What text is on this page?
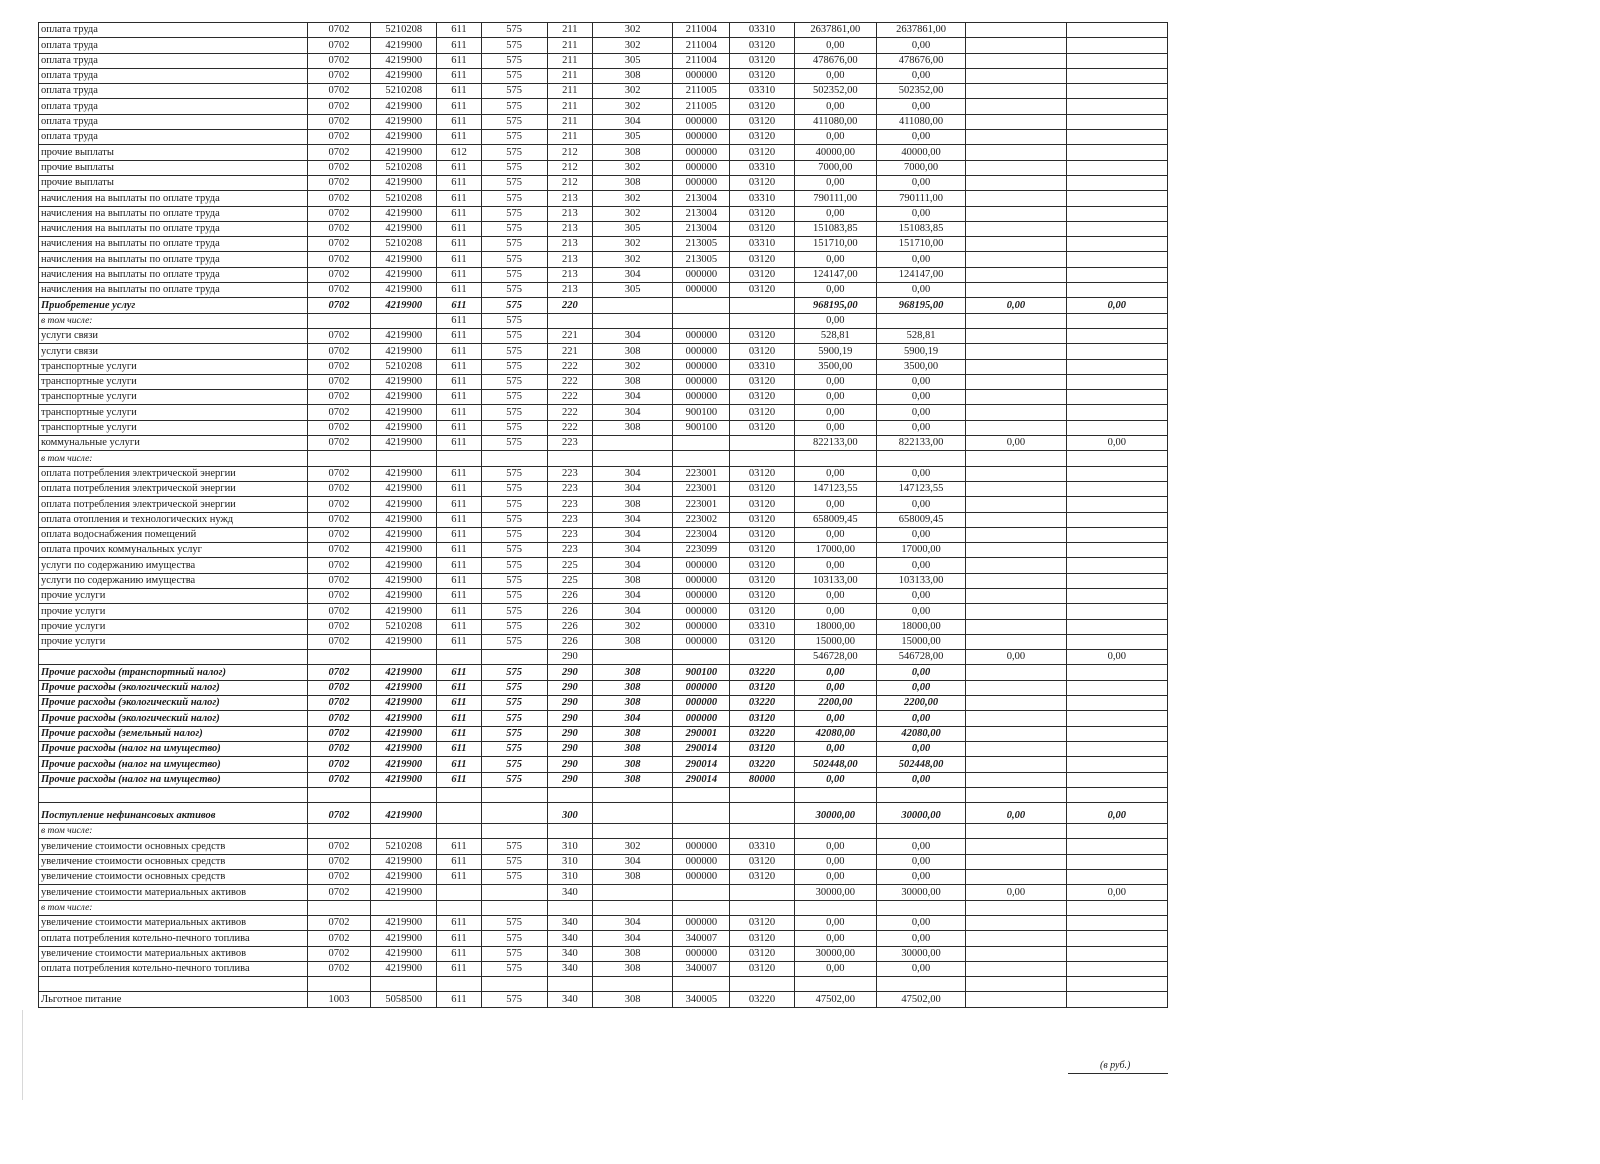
оплата труда	0702	5210208	611	575	211	302	211004	03310	2637861,00	2637861,00		
оплата труда	0702	4219900	611	575	211	302	211004	03120	0,00	0,00		
оплата труда	0702	4219900	611	575	211	305	211004	03120	478676,00	478676,00		
оплата труда	0702	4219900	611	575	211	308	000000	03120	0,00	0,00		
оплата труда	0702	5210208	611	575	211	302	211005	03310	502352,00	502352,00		
оплата труда	0702	4219900	611	575	211	302	211005	03120	0,00	0,00		
оплата труда	0702	4219900	611	575	211	304	000000	03120	411080,00	411080,00		
оплата труда	0702	4219900	611	575	211	305	000000	03120	0,00	0,00		
прочие выплаты	0702	4219900	612	575	212	308	000000	03120	40000,00	40000,00		
прочие выплаты	0702	5210208	611	575	212	302	000000	03310	7000,00	7000,00		
прочие выплаты	0702	4219900	611	575	212	308	000000	03120	0,00	0,00		
начисления на выплаты по оплате труда	0702	5210208	611	575	213	302	213004	03310	790111,00	790111,00		
начисления на выплаты по оплате труда	0702	4219900	611	575	213	302	213004	03120	0,00	0,00		
начисления на выплаты по оплате труда	0702	4219900	611	575	213	305	213004	03120	151083,85	151083,85		
начисления на выплаты по оплате труда	0702	5210208	611	575	213	302	213005	03310	151710,00	151710,00		
начисления на выплаты по оплате труда	0702	4219900	611	575	213	302	213005	03120	0,00	0,00		
начисления на выплаты по оплате труда	0702	4219900	611	575	213	304	000000	03120	124147,00	124147,00		
начисления на выплаты по оплате труда	0702	4219900	611	575	213	305	000000	03120	0,00	0,00		
Приобретение услуг	0702	4219900	611	575	220				968195,00	968195,00	0,00	0,00
в том числе:			611	575					0,00			
услуги связи	0702	4219900	611	575	221	304	000000	03120	528,81	528,81		
услуги связи	0702	4219900	611	575	221	308	000000	03120	5900,19	5900,19		
транспортные услуги	0702	5210208	611	575	222	302	000000	03310	3500,00	3500,00		
транспортные услуги	0702	4219900	611	575	222	308	000000	03120	0,00	0,00		
транспортные услуги	0702	4219900	611	575	222	304	000000	03120	0,00	0,00		
транспортные услуги	0702	4219900	611	575	222	304	900100	03120	0,00	0,00		
транспортные услуги	0702	4219900	611	575	222	308	900100	03120	0,00	0,00		
коммунальные услуги	0702	4219900	611	575	223				822133,00	822133,00	0,00	0,00
в том числе:												
оплата потребления электрической энергии	0702	4219900	611	575	223	304	223001	03120	0,00	0,00		
оплата потребления электрической энергии	0702	4219900	611	575	223	304	223001	03120	147123,55	147123,55		
оплата потребления электрической энергии	0702	4219900	611	575	223	308	223001	03120	0,00	0,00		
оплата отопления и технологических нужд	0702	4219900	611	575	223	304	223002	03120	658009,45	658009,45		
оплата водоснабжения помещений	0702	4219900	611	575	223	304	223004	03120	0,00	0,00		
оплата прочих коммунальных услуг	0702	4219900	611	575	223	304	223099	03120	17000,00	17000,00		
услуги по содержанию имущества	0702	4219900	611	575	225	304	000000	03120	0,00	0,00		
услуги по содержанию имущества	0702	4219900	611	575	225	308	000000	03120	103133,00	103133,00		
прочие услуги	0702	4219900	611	575	226	304	000000	03120	0,00	0,00		
прочие услуги	0702	4219900	611	575	226	304	000000	03120	0,00	0,00		
прочие услуги	0702	5210208	611	575	226	302	000000	03310	18000,00	18000,00		
прочие услуги	0702	4219900	611	575	226	308	000000	03120	15000,00	15000,00		
					290				546728,00	546728,00	0,00	0,00
Прочие расходы (транспортный налог)	0702	4219900	611	575	290	308	900100	03220	0,00	0,00		
Прочие расходы (экологический налог)	0702	4219900	611	575	290	308	000000	03120	0,00	0,00		
Прочие расходы (экологический налог)	0702	4219900	611	575	290	308	000000	03220	2200,00	2200,00		
Прочие расходы (экологический налог)	0702	4219900	611	575	290	304	000000	03120	0,00	0,00		
Прочие расходы (земельный налог)	0702	4219900	611	575	290	308	290001	03220	42080,00	42080,00		
Прочие расходы (налог на имущество)	0702	4219900	611	575	290	308	290014	03120	0,00	0,00		
Прочие расходы (налог на имущество)	0702	4219900	611	575	290	308	290014	03220	502448,00	502448,00		
Прочие расходы (налог на имущество)	0702	4219900	611	575	290	308	290014	80000	0,00	0,00		

Поступление нефинансовых активов	0702	4219900			300				30000,00	30000,00	0,00	0,00
в том числе:												
увеличение стоимости основных средств	0702	5210208	611	575	310	302	000000	03310	0,00	0,00		
увеличение стоимости основных средств	0702	4219900	611	575	310	304	000000	03120	0,00	0,00		
увеличение стоимости основных средств	0702	4219900	611	575	310	308	000000	03120	0,00	0,00		
увеличение стоимости материальных активов	0702	4219900			340				30000,00	30000,00	0,00	0,00
в том числе:												
увеличение стоимости материальных активов	0702	4219900	611	575	340	304	000000	03120	0,00	0,00		
оплата потребления котельно-печного топлива	0702	4219900	611	575	340	304	340007	03120	0,00	0,00		
увеличение стоимости материальных активов	0702	4219900	611	575	340	308	000000	03120	30000,00	30000,00		
оплата потребления котельно-печного топлива	0702	4219900	611	575	340	308	340007	03120	0,00	0,00		

Льготное питание	1003	5058500	611	575	340	308	340005	03220	47502,00	47502,00		
(в руб.)
